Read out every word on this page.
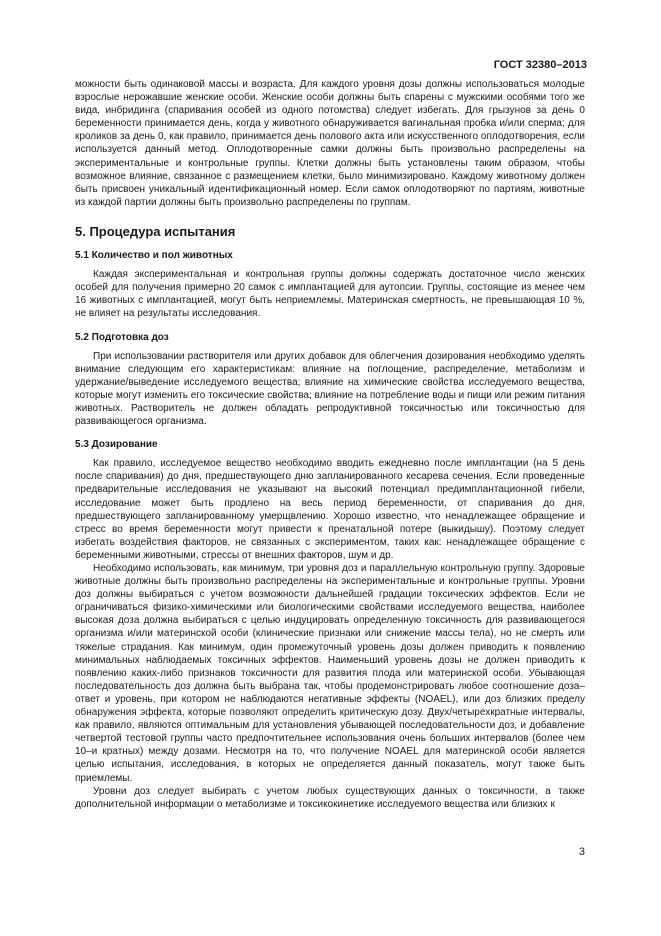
ГОСТ 32380–2013

можности быть одинаковой массы и возраста. Для каждого уровня дозы должны использоваться молодые взрослые нерожавшие женские особи. Женские особи должны быть спарены с мужскими особями того же вида, инбридинга (спаривания особей из одного потомства) следует избегать. Для грызунов за день 0 беременности принимается день, когда у животного обнаруживается вагинальная пробка и/или сперма; для кроликов за день 0, как правило, принимается день полового акта или искусственного оплодотворения, если используется данный метод. Оплодотворенные самки должны быть произвольно распределены на экспериментальные и контрольные группы. Клетки должны быть установлены таким образом, чтобы возможное влияние, связанное с размещением клетки, было минимизировано. Каждому животному должен быть присвоен уникальный идентификационный номер. Если самок оплодотворяют по партиям, животные из каждой партии должны быть произвольно распределены по группам.

5. Процедура испытания
5.1 Количество и пол животных

Каждая экспериментальная и контрольная группы должны содержать достаточное число женских особей для получения примерно 20 самок с имплантацией для аутопсии. Группы, состоящие из менее чем 16 животных с имплантацией, могут быть неприемлемы. Материнская смертность, не превышающая 10 %, не влияет на результаты исследования.

5.2 Подготовка доз

При использовании растворителя или других добавок для облегчения дозирования необходимо уделять внимание следующим его характеристикам: влияние на поглощение, распределение, метаболизм и удержание/выведение исследуемого вещества; влияние на химические свойства исследуемого вещества, которые могут изменить его токсические свойства; влияние на потребление воды и пищи или режим питания животных. Растворитель не должен обладать репродуктивной токсичностью или токсичностью для развивающегося организма.

5.3 Дозирование

Как правило, исследуемое вещество необходимо вводить ежедневно после имплантации (на 5 день после спаривания) до дня, предшествующего дню запланированного кесарева сечения. Если проведенные предварительные исследования не указывают на высокий потенциал предимплантационной гибели, исследование может быть продлено на весь период беременности, от спаривания до дня, предшествующего запланированному умерщвлению. Хорошо известно, что ненадлежащее обращение и стресс во время беременности могут привести к пренатальной потере (выкидышу). Поэтому следует избегать воздействия факторов, не связанных с экспериментом, таких как: ненадлежащее обращение с беременными животными, стрессы от внешних факторов, шум и др.

Необходимо использовать, как минимум, три уровня доз и параллельную контрольную группу. Здоровые животные должны быть произвольно распределены на экспериментальные и контрольные группы. Уровни доз должны выбираться с учетом возможности дальнейшей градации токсических эффектов. Если не ограничиваться физико-химическими или биологическими свойствами исследуемого вещества, наиболее высокая доза должна выбираться с целью индуцировать определенную токсичность для развивающегося организма и/или материнской особи (клинические признаки или снижение массы тела), но не смерть или тяжелые страдания. Как минимум, один промежуточный уровень дозы должен приводить к появлению минимальных наблюдаемых токсичных эффектов. Наименьший уровень дозы не должен приводить к появлению каких-либо признаков токсичности для развития плода или материнской особи. Убывающая последовательность доз должна быть выбрана так, чтобы продемонстрировать любое соотношение доза–ответ и уровень, при котором не наблюдаются негативные эффекты (NOAEL), или доз близких пределу обнаружения эффекта, которые позволяют определить критическую дозу. Двух/четырехкратные интервалы, как правило, являются оптимальным для установления убывающей последовательности доз, и добавление четвертой тестовой группы часто предпочтительнее использования очень больших интервалов (более чем 10–и кратных) между дозами. Несмотря на то, что получение NOAEL для материнской особи является целью испытания, исследования, в которых не определяется данный показатель, могут также быть приемлемы.

Уровни доз следует выбирать с учетом любых существующих данных о токсичности, а также дополнительной информации о метаболизме и токсикокинетике исследуемого вещества или близких к

3
